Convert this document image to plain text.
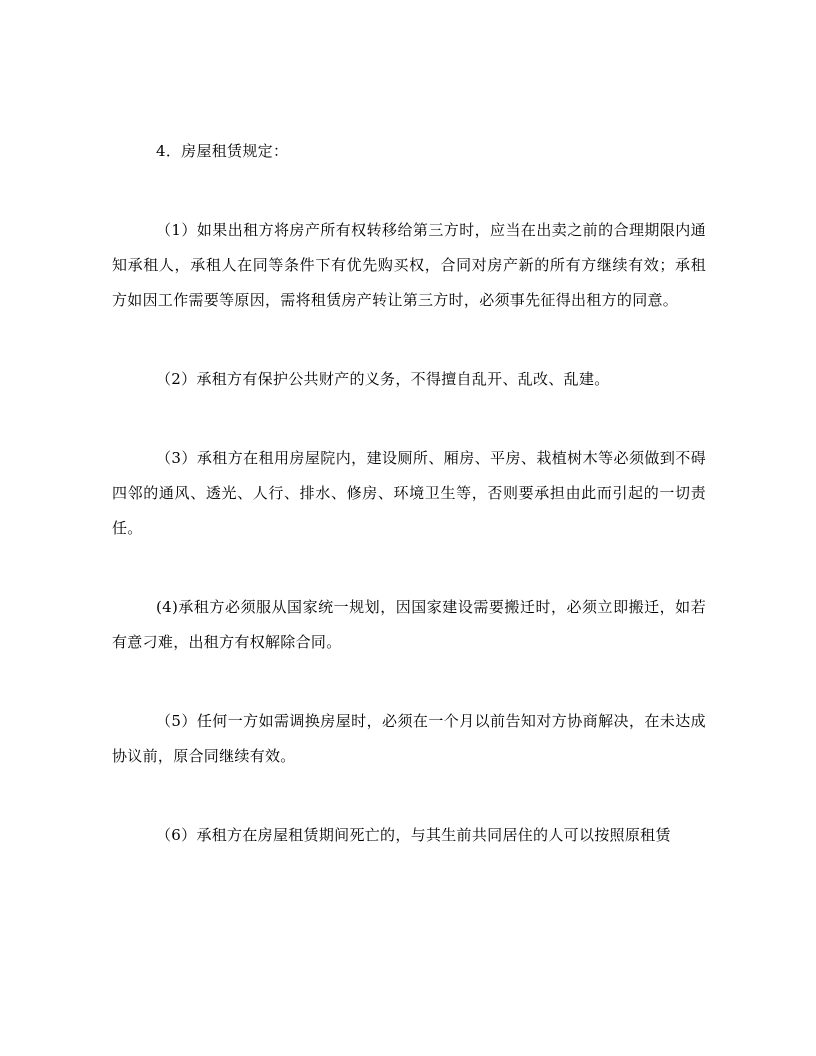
4．房屋租赁规定：

（1）如果出租方将房产所有权转移给第三方时，应当在出卖之前的合理期限内通知承租人，承租人在同等条件下有优先购买权，合同对房产新的所有方继续有效；承租方如因工作需要等原因，需将租赁房产转让第三方时，必须事先征得出租方的同意。

（2）承租方有保护公共财产的义务，不得擅自乱开、乱改、乱建。

（3）承租方在租用房屋院内，建设厕所、厢房、平房、栽植树木等必须做到不碍四邻的通风、透光、人行、排水、修房、环境卫生等，否则要承担由此而引起的一切责任。

(4)承租方必须服从国家统一规划，因国家建设需要搬迁时，必须立即搬迁，如若有意刁难，出租方有权解除合同。

（5）任何一方如需调换房屋时，必须在一个月以前告知对方协商解决，在未达成协议前，原合同继续有效。

（6）承租方在房屋租赁期间死亡的，与其生前共同居住的人可以按照原租赁
